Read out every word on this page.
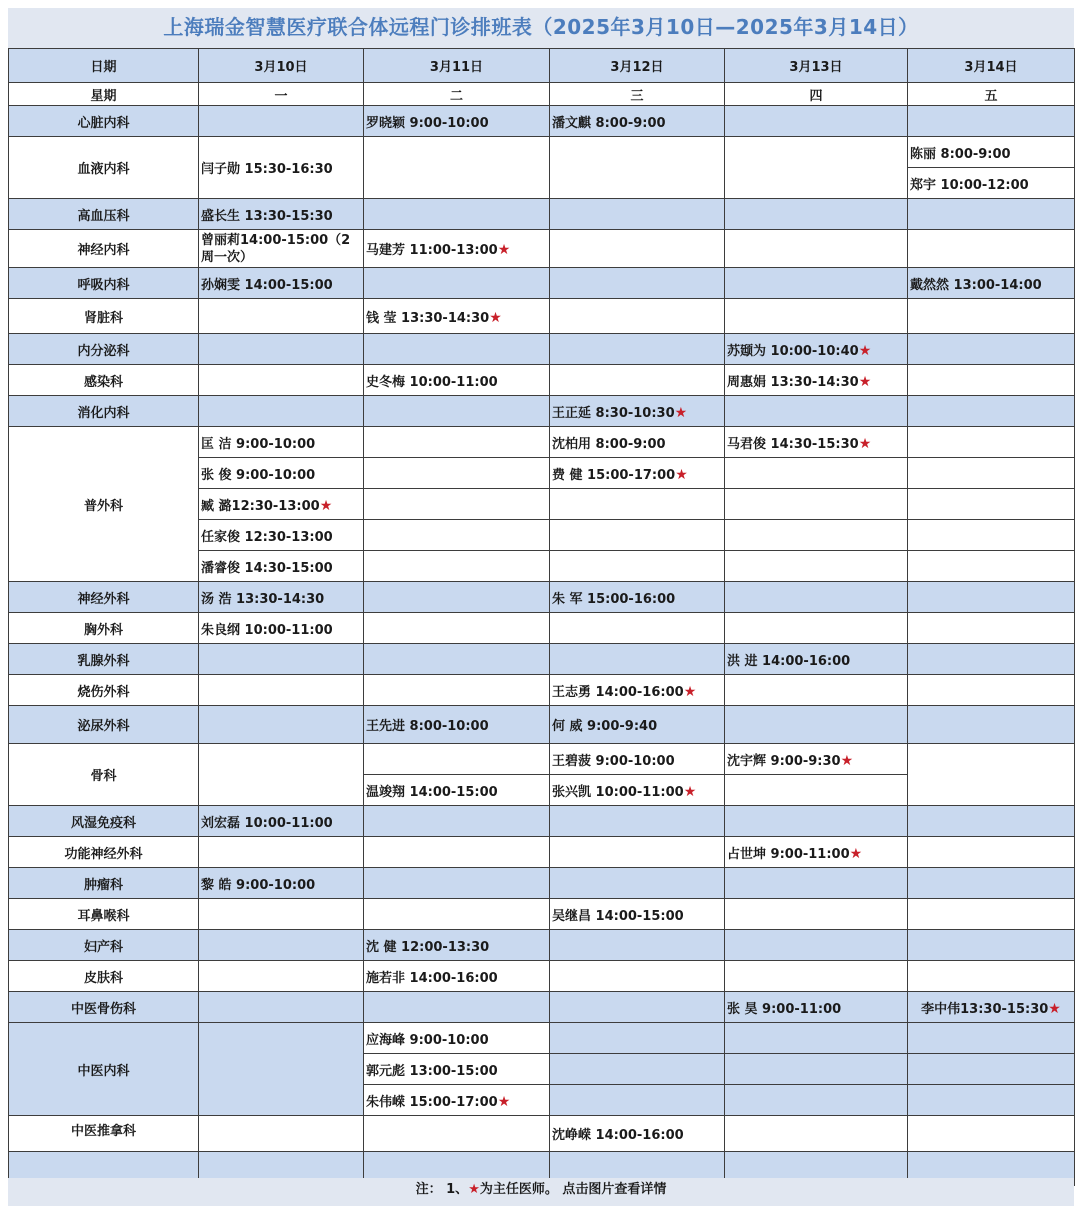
上海瑞金智慧医疗联合体远程门诊排班表（2025年3月10日—2025年3月14日）
日期	3月10日	3月11日	3月12日	3月13日	3月14日
星期	一	二	三	四	五
心脏内科		罗晓颖 9:00-10:00	潘文麒 8:00-9:00		
血液内科	闫子勋 15:30-16:30				陈丽 8:00-9:00
					郑宇 10:00-12:00
高血压科	盛长生 13:30-15:30				
神经内科	曾丽莉14:00-15:00（2周一次）	马建芳 11:00-13:00★			
呼吸内科	孙娴雯 14:00-15:00				戴然然 13:00-14:00
肾脏科		钱 莹 13:30-14:30★			
内分泌科				苏颋为 10:00-10:40★	
感染科		史冬梅 10:00-11:00		周惠娟 13:30-14:30★	
消化内科			王正延 8:30-10:30★		
普外科	匡 洁 9:00-10:00		沈柏用 8:00-9:00	马君俊 14:30-15:30★	
	张 俊 9:00-10:00		费 健 15:00-17:00★		
	臧 潞12:30-13:00★				
	任家俊 12:30-13:00				
	潘睿俊 14:30-15:00				
神经外科	汤 浩 13:30-14:30		朱 军 15:00-16:00		
胸外科	朱良纲 10:00-11:00				
乳腺外科				洪 进 14:00-16:00	
烧伤外科			王志勇 14:00-16:00★		
泌尿外科		王先进 8:00-10:00	何 威 9:00-9:40		
骨科			王碧菠 9:00-10:00	沈宇辉 9:00-9:30★	
		温竣翔 14:00-15:00	张兴凯 10:00-11:00★		
风湿免疫科	刘宏磊 10:00-11:00				
功能神经外科				占世坤 9:00-11:00★	
肿瘤科	黎 皓 9:00-10:00				
耳鼻喉科			吴继昌 14:00-15:00		
妇产科		沈 健 12:00-13:30			
皮肤科		施若非 14:00-16:00			
中医骨伤科				张 昊 9:00-11:00	李中伟13:30-15:30★
中医内科		应海峰 9:00-10:00			
		郭元彪 13:00-15:00			
		朱伟嵘 15:00-17:00★			
中医推拿科			沈峥嵘 14:00-16:00		

注： 1、★为主任医师。 点击图片查看详情
